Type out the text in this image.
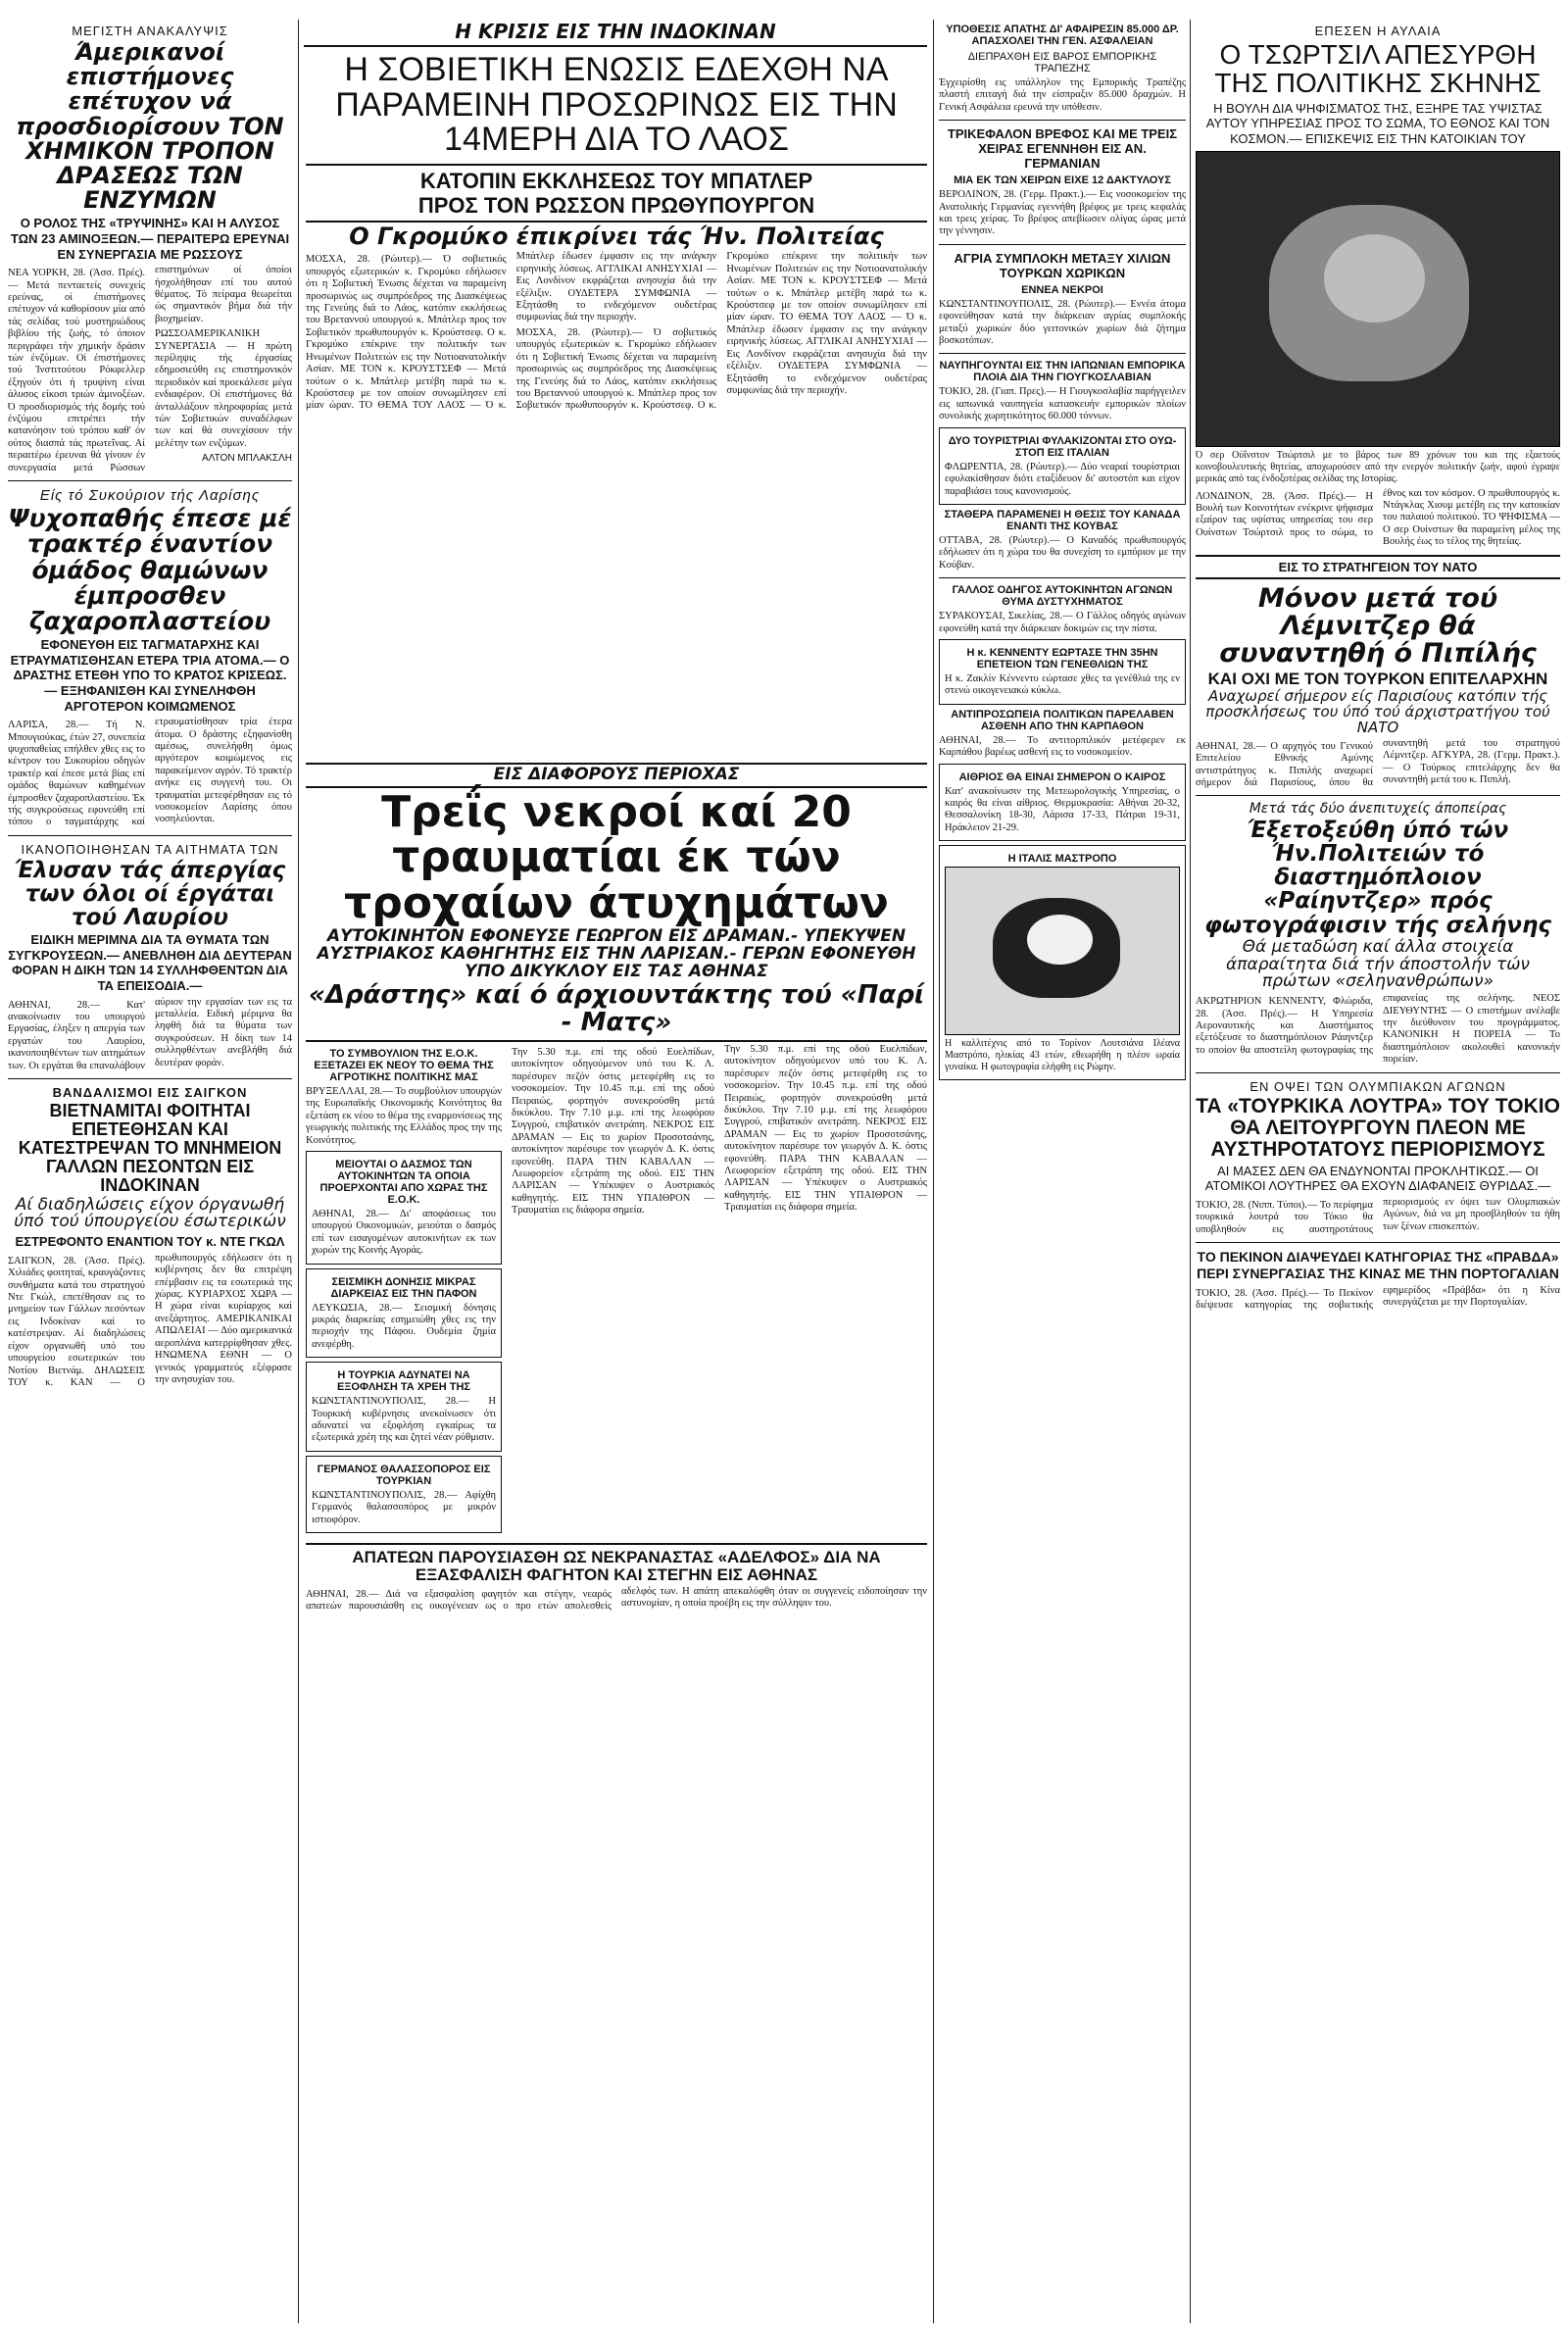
ΜΕΓΙΣΤΗ ΑΝΑΚΑΛΥΨΙΣ
Άμερικανοί επιστήμονες επέτυχον νά προσδιορίσουν ΤΟΝ ΧΗΜΙΚΟΝ ΤΡΟΠΟΝ ΔΡΑΣΕΩΣ ΤΩΝ ΕΝΖΥΜΩΝ
Ο ΡΟΛΟΣ ΤΗΣ «ΤΡΥΨΙΝΗΣ» ΚΑΙ Η ΑΛΥΣΟΣ ΤΩΝ 23 ΑΜΙΝΟΞΕΩΝ.— ΠΕΡΑΙΤΕΡΩ ΕΡΕΥΝΑΙ ΕΝ ΣΥΝΕΡΓΑΣΙΑ ΜΕ ΡΩΣΣΟΥΣ
ΝΕΑ ΥΟΡΚΗ, 28. (Άσσ. Πρές). — Μετά πενταετείς συνεχείς ερεύνας, οί έπιστήμονες επέτυχον νά καθορίσουν μία από τάς σελίδας τού μυστηριώδους βιβλίου τής ζωής, τό όποιον περιγράφει τήν χημικήν δράσιν τών ένζύμων. Οί έπιστήμονες τού Ίνστιτούτου Ρόκφελλερ έξηγούν ότι ή τρυψίνη είναι άλυσος είκοσι τριών άμινοξέων. Ό προσδιορισμός τής δομής τού ένζύμου επιτρέπει τήν κατανόησιν τού τρόπου καθ' όν ούτος διασπά τάς πρωτεΐνας. Αί περαιτέρω έρευναι θά γίνουν έν συνεργασία μετά Ρώσσων επιστημόνων οί όποίοι ήσχολήθησαν επί του αυτού θέματος. Τό πείραμα θεωρείται ώς σημαντικόν βήμα διά τήν βιοχημείαν.
ΡΩΣΣΟΑΜΕΡΙΚΑΝΙΚΗ ΣΥΝΕΡΓΑΣΙΑ — Η πρώτη περίληψις τής έργασίας εδημοσιεύθη εις επιστημονικόν περιοδικόν καί προεκάλεσε μέγα ενδιαφέρον. Οί επιστήμονες θά άνταλλάξουν πληροφορίας μετά τών Σοβιετικών συναδέλφων των καί θά συνεχίσουν τήν μελέτην των ενζύμων.
ΑΛΤΟΝ ΜΠΛΑΚΣΛΗ
Είς τό Συκούριον τής Λαρίσης
Ψυχοπαθής έπεσε μέ τρακτέρ έναντίον όμάδος θαμώνων έμπροσθεν ζαχαροπλαστείου
ΕΦΟΝΕΥΘΗ ΕΙΣ ΤΑΓΜΑΤΑΡΧΗΣ ΚΑΙ ΕΤΡΑΥΜΑΤΙΣΘΗΣΑΝ ΕΤΕΡΑ ΤΡΙΑ ΑΤΟΜΑ.— Ο ΔΡΑΣΤΗΣ ΕΤΕΘΗ ΥΠΟ ΤΟ ΚΡΑΤΟΣ ΚΡΙΣΕΩΣ.— ΕΞΗΦΑΝΙΣΘΗ ΚΑΙ ΣΥΝΕΛΗΦΘΗ ΑΡΓΟΤΕΡΟΝ ΚΟΙΜΩΜΕΝΟΣ
ΛΑΡΙΣΑ, 28.— Τή Ν. Μπουγιούκας, έτών 27, συνεπεία ψυχοπαθείας επήλθεν χθες εις το κέντρον του Συκουρίου οδηγών τρακτέρ καί έπεσε μετά βίας επί ομάδος θαμώνων καθημένων έμπροσθεν ζαχαροπλαστείου. Έκ τής συγκρούσεως εφονεύθη επί τόπου ο ταγματάρχης καί ετραυματίσθησαν τρία έτερα άτομα. Ο δράστης εξηφανίσθη αμέσως, συνελήφθη όμως αργότερον κοιμώμενος εις παρακείμενον αγρόν. Τό τρακτέρ ανήκε εις συγγενή του. Οι τραυματίαι μετεφέρθησαν εις τό νοσοκομείον Λαρίσης όπου νοσηλεύονται.
ΙΚΑΝΟΠΟΙΗΘΗΣΑΝ ΤΑ ΑΙΤΗΜΑΤΑ ΤΩΝ
Έλυσαν τάς άπεργίας των όλοι οί έργάται τού Λαυρίου
ΕΙΔΙΚΗ ΜΕΡΙΜΝΑ ΔΙΑ ΤΑ ΘΥΜΑΤΑ ΤΩΝ ΣΥΓΚΡΟΥΣΕΩΝ.— ΑΝΕΒΛΗΘΗ ΔΙΑ ΔΕΥΤΕΡΑΝ ΦΟΡΑΝ Η ΔΙΚΗ ΤΩΝ 14 ΣΥΛΛΗΦΘΕΝΤΩΝ ΔΙΑ ΤΑ ΕΠΕΙΣΟΔΙΑ.—
ΑΘΗΝΑΙ, 28.— Κατ' ανακοίνωσιν του υπουργού Εργασίας, έληξεν η απεργία των εργατών του Λαυρίου, ικανοποιηθέντων των αιτημάτων των. Οι εργάται θα επαναλάβουν αύριον την εργασίαν των εις τα μεταλλεία. Ειδική μέριμνα θα ληφθή διά τα θύματα των συγκρούσεων. Η δίκη των 14 συλληφθέντων ανεβλήθη διά δευτέραν φοράν.
ΒΑΝΔΑΛΙΣΜΟΙ ΕΙΣ ΣΑΙΓΚΟΝ
ΒΙΕΤΝΑΜΙΤΑΙ ΦΟΙΤΗΤΑΙ ΕΠΕΤΕΘΗΣΑΝ ΚΑΙ ΚΑΤΕΣΤΡΕΨΑΝ ΤΟ ΜΝΗΜΕΙΟΝ ΓΑΛΛΩΝ ΠΕΣΟΝΤΩΝ ΕΙΣ ΙΝΔΟΚΙΝΑΝ
Αί διαδηλώσεις είχον όργανωθή ύπό τού ύπουργείου έσωτερικών
ΕΣΤΡΕΦΟΝΤΟ ΕΝΑΝΤΙΟΝ ΤΟΥ κ. ΝΤΕ ΓΚΩΛ
ΣΑΙΓΚΟΝ, 28. (Άσσ. Πρές). Χιλιάδες φοιτηταί, κραυγάζοντες συνθήματα κατά του στρατηγού Ντε Γκώλ, επετέθησαν εις το μνημείον των Γάλλων πεσόντων εις Ινδοκίναν καί το κατέστρεψαν. Αί διαδηλώσεις είχον οργανωθή υπό του υπουργείου εσωτερικών του Νοτίου Βιετνάμ. ΔΗΛΩΣΕΙΣ ΤΟΥ κ. ΚΑΝ — Ο πρωθυπουργός εδήλωσεν ότι η κυβέρνησις δεν θα επιτρέψη επέμβασιν εις τα εσωτερικά της χώρας. ΚΥΡΙΑΡΧΟΣ ΧΩΡΑ — Η χώρα είναι κυρίαρχος καί ανεξάρτητος. ΑΜΕΡΙΚΑΝΙΚΑΙ ΑΠΩΛΕΙΑΙ — Δύο αμερικανικά αεροπλάνα κατερρίφθησαν χθες. ΗΝΩΜΕΝΑ ΕΘΝΗ — Ο γενικός γραμματεύς εξέφρασε την ανησυχίαν του.
Η ΚΡΙΣΙΣ ΕΙΣ ΤΗΝ ΙΝΔΟΚΙΝΑΝ
Η ΣΟΒΙΕΤΙΚΗ ΕΝΩΣΙΣ ΕΔΕΧΘΗ ΝΑ ΠΑΡΑΜΕΙΝΗ ΠΡΟΣΩΡΙΝΩΣ ΕΙΣ ΤΗΝ 14ΜΕΡΗ ΔΙΑ ΤΟ ΛΑΟΣ
ΚΑΤΟΠΙΝ ΕΚΚΛΗΣΕΩΣ ΤΟΥ ΜΠΑΤΛΕΡ
ΠΡΟΣ ΤΟΝ ΡΩΣΣΟΝ ΠΡΩΘΥΠΟΥΡΓΟΝ
Ο Γκρομύκο έπικρίνει τάς Ήν. Πολιτείας
ΜΟΣΧΑ, 28. (Ρώυτερ).— Ό σοβιετικός υπουργός εξωτερικών κ. Γκρομύκο εδήλωσεν ότι η Σοβιετική Ένωσις δέχεται να παραμείνη προσωρινώς ως συμπρόεδρος της Διασκέψεως της Γενεύης διά το Λάος, κατόπιν εκκλήσεως του Βρεταννού υπουργού κ. Μπάτλερ προς τον Σοβιετικόν πρωθυπουργόν κ. Κρούστσεφ. Ο κ. Γκρομύκο επέκρινε την πολιτικήν των Ηνωμένων Πολιτειών εις την Νοτιοανατολικήν Ασίαν. ΜΕ ΤΟΝ κ. ΚΡΟΥΣΤΣΕΦ — Μετά τούτων ο κ. Μπάτλερ μετέβη παρά τω κ. Κρούστσεφ με τον οποίον συνωμίλησεν επί μίαν ώραν. ΤΟ ΘΕΜΑ ΤΟΥ ΛΑΟΣ — Ό κ. Μπάτλερ έδωσεν έμφασιν εις την ανάγκην ειρηνικής λύσεως. ΑΓΓΛΙΚΑΙ ΑΝΗΣΥΧΙΑΙ — Εις Λονδίνον εκφράζεται ανησυχία διά την εξέλιξιν. ΟΥΔΕΤΕΡΑ ΣΥΜΦΩΝΙΑ — Εξητάσθη το ενδεχόμενον ουδετέρας συμφωνίας διά την περιοχήν.
ΜΟΣΧΑ, 28. (Ρώυτερ).— Ό σοβιετικός υπουργός εξωτερικών κ. Γκρομύκο εδήλωσεν ότι η Σοβιετική Ένωσις δέχεται να παραμείνη προσωρινώς ως συμπρόεδρος της Διασκέψεως της Γενεύης διά το Λάος, κατόπιν εκκλήσεως του Βρεταννού υπουργού κ. Μπάτλερ προς τον Σοβιετικόν πρωθυπουργόν κ. Κρούστσεφ. Ο κ. Γκρομύκο επέκρινε την πολιτικήν των Ηνωμένων Πολιτειών εις την Νοτιοανατολικήν Ασίαν. ΜΕ ΤΟΝ κ. ΚΡΟΥΣΤΣΕΦ — Μετά τούτων ο κ. Μπάτλερ μετέβη παρά τω κ. Κρούστσεφ με τον οποίον συνωμίλησεν επί μίαν ώραν. ΤΟ ΘΕΜΑ ΤΟΥ ΛΑΟΣ — Ό κ. Μπάτλερ έδωσεν έμφασιν εις την ανάγκην ειρηνικής λύσεως. ΑΓΓΛΙΚΑΙ ΑΝΗΣΥΧΙΑΙ — Εις Λονδίνον εκφράζεται ανησυχία διά την εξέλιξιν. ΟΥΔΕΤΕΡΑ ΣΥΜΦΩΝΙΑ — Εξητάσθη το ενδεχόμενον ουδετέρας συμφωνίας διά την περιοχήν.
ΕΙΣ ΔΙΑΦΟΡΟΥΣ ΠΕΡΙΟΧΑΣ
Τρεΐς νεκροί καί 20 τραυματίαι έκ τών τροχαίων άτυχημάτων
ΑΥΤΟΚΙΝΗΤΟΝ ΕΦΟΝΕΥΣΕ ΓΕΩΡΓΟΝ ΕΙΣ ΔΡΑΜΑΝ.- ΥΠΕΚΥΨΕΝ ΑΥΣΤΡΙΑΚΟΣ ΚΑΘΗΓΗΤΗΣ ΕΙΣ ΤΗΝ ΛΑΡΙΣΑΝ.- ΓΕΡΩΝ ΕΦΟΝΕΥΘΗ ΥΠΟ ΔΙΚΥΚΛΟΥ ΕΙΣ ΤΑΣ ΑΘΗΝΑΣ
«Δράστης» καί ό άρχιουντάκτης τού «Παρί - Ματς»
ΤΟ ΣΥΜΒΟΥΛΙΟΝ ΤΗΣ Ε.Ο.Κ. ΕΞΕΤΑΖΕΙ ΕΚ ΝΕΟΥ ΤΟ ΘΕΜΑ ΤΗΣ ΑΓΡΟΤΙΚΗΣ ΠΟΛΙΤΙΚΗΣ ΜΑΣ
ΒΡΥΞΕΛΛΑΙ, 28.— Το συμβούλιον υπουργών της Ευρωπαϊκής Οικονομικής Κοινότητος θα εξετάση εκ νέου το θέμα της εναρμονίσεως της γεωργικής πολιτικής της Ελλάδος προς την της Κοινότητος.
ΜΕΙΟΥΤΑΙ Ο ΔΑΣΜΟΣ ΤΩΝ ΑΥΤΟΚΙΝΗΤΩΝ ΤΑ ΟΠΟΙΑ ΠΡΟΕΡΧΟΝΤΑΙ ΑΠΟ ΧΩΡΑΣ ΤΗΣ Ε.Ο.Κ.
ΑΘΗΝΑΙ, 28.— Δι' αποφάσεως του υπουργού Οικονομικών, μειούται ο δασμός επί των εισαγομένων αυτοκινήτων εκ των χωρών της Κοινής Αγοράς.
ΣΕΙΣΜΙΚΗ ΔΟΝΗΣΙΣ ΜΙΚΡΑΣ ΔΙΑΡΚΕΙΑΣ ΕΙΣ ΤΗΝ ΠΑΦΟΝ
ΛΕΥΚΩΣΙΑ, 28.— Σεισμική δόνησις μικράς διαρκείας εσημειώθη χθες εις την περιοχήν της Πάφου. Ουδεμία ζημία ανεφέρθη.
Η ΤΟΥΡΚΙΑ ΑΔΥΝΑΤΕΙ ΝΑ ΕΞΟΦΛΗΣΗ ΤΑ ΧΡΕΗ ΤΗΣ
ΚΩΝΣΤΑΝΤΙΝΟΥΠΟΛΙΣ, 28.— Η Τουρκική κυβέρνησις ανεκοίνωσεν ότι αδυνατεί να εξοφλήση εγκαίρως τα εξωτερικά χρέη της και ζητεί νέαν ρύθμισιν.
ΓΕΡΜΑΝΟΣ ΘΑΛΑΣΣΟΠΟΡΟΣ ΕΙΣ ΤΟΥΡΚΙΑΝ
ΚΩΝΣΤΑΝΤΙΝΟΥΠΟΛΙΣ, 28.— Αφίχθη Γερμανός θαλασσοπόρος με μικρόν ιστιοφόρον.
Την 5.30 π.μ. επί της οδού Ευελπίδων, αυτοκίνητον οδηγούμενον υπό του Κ. Λ. παρέσυρεν πεζόν όστις μετεφέρθη εις το νοσοκομείον. Την 10.45 π.μ. επί της οδού Πειραιώς, φορτηγόν συνεκρούσθη μετά δικύκλου. Την 7.10 μ.μ. επί της λεωφόρου Συγγρού, επιβατικόν ανετράπη. ΝΕΚΡΟΣ ΕΙΣ ΔΡΑΜΑΝ — Εις το χωρίον Προσοτσάνης, αυτοκίνητον παρέσυρε τον γεωργόν Δ. Κ. όστις εφονεύθη. ΠΑΡΑ ΤΗΝ ΚΑΒΑΛΑΝ — Λεωφορείον εξετράπη της οδού. ΕΙΣ ΤΗΝ ΛΑΡΙΣΑΝ — Υπέκυψεν ο Αυστριακός καθηγητής. ΕΙΣ ΤΗΝ ΥΠΑΙΘΡΟΝ — Τραυματίαι εις διάφορα σημεία.
Την 5.30 π.μ. επί της οδού Ευελπίδων, αυτοκίνητον οδηγούμενον υπό του Κ. Λ. παρέσυρεν πεζόν όστις μετεφέρθη εις το νοσοκομείον. Την 10.45 π.μ. επί της οδού Πειραιώς, φορτηγόν συνεκρούσθη μετά δικύκλου. Την 7.10 μ.μ. επί της λεωφόρου Συγγρού, επιβατικόν ανετράπη. ΝΕΚΡΟΣ ΕΙΣ ΔΡΑΜΑΝ — Εις το χωρίον Προσοτσάνης, αυτοκίνητον παρέσυρε τον γεωργόν Δ. Κ. όστις εφονεύθη. ΠΑΡΑ ΤΗΝ ΚΑΒΑΛΑΝ — Λεωφορείον εξετράπη της οδού. ΕΙΣ ΤΗΝ ΛΑΡΙΣΑΝ — Υπέκυψεν ο Αυστριακός καθηγητής. ΕΙΣ ΤΗΝ ΥΠΑΙΘΡΟΝ — Τραυματίαι εις διάφορα σημεία.
ΑΠΑΤΕΩΝ ΠΑΡΟΥΣΙΑΣΘΗ ΩΣ ΝΕΚΡΑΝΑΣΤΑΣ «ΑΔΕΛΦΟΣ» ΔΙΑ ΝΑ ΕΞΑΣΦΑΛΙΣΗ ΦΑΓΗΤΟΝ ΚΑΙ ΣΤΕΓΗΝ ΕΙΣ ΑΘΗΝΑΣ
ΑΘΗΝΑΙ, 28.— Διά να εξασφαλίση φαγητόν και στέγην, νεαρός απατεών παρουσιάσθη εις οικογένειαν ως ο προ ετών απολεσθείς αδελφός των. Η απάτη απεκαλύφθη όταν οι συγγενείς ειδοποίησαν την αστυνομίαν, η οποία προέβη εις την σύλληψιν του.
ΥΠΟΘΕΣΙΣ ΑΠΑΤΗΣ ΔΙ' ΑΦΑΙΡΕΣΙΝ 85.000 ΔΡ. ΑΠΑΣΧΟΛΕΙ ΤΗΝ ΓΕΝ. ΑΣΦΑΛΕΙΑΝ
ΔΙΕΠΡΑΧΘΗ ΕΙΣ ΒΑΡΟΣ ΕΜΠΟΡΙΚΗΣ ΤΡΑΠΕΖΗΣ
Έγχειρίσθη εις υπάλληλον της Εμπορικής Τραπέζης πλαστή επιταγή διά την είσπραξιν 85.000 δραχμών. Η Γενική Ασφάλεια ερευνά την υπόθεσιν.
ΤΡΙΚΕΦΑΛΟΝ ΒΡΕΦΟΣ ΚΑΙ ΜΕ ΤΡΕΙΣ ΧΕΙΡΑΣ ΕΓΕΝΝΗΘΗ ΕΙΣ ΑΝ. ΓΕΡΜΑΝΙΑΝ
ΜΙΑ ΕΚ ΤΩΝ ΧΕΙΡΩΝ ΕΙΧΕ 12 ΔΑΚΤΥΛΟΥΣ
ΒΕΡΟΛΙΝΟΝ, 28. (Γερμ. Πρακτ.).— Εις νοσοκομείον της Ανατολικής Γερμανίας εγεννήθη βρέφος με τρεις κεφαλάς και τρεις χείρας. Το βρέφος απεβίωσεν ολίγας ώρας μετά την γέννησιν.
ΑΓΡΙΑ ΣΥΜΠΛΟΚΗ ΜΕΤΑΞΥ ΧΙΛΙΩΝ ΤΟΥΡΚΩΝ ΧΩΡΙΚΩΝ
ΕΝΝΕΑ ΝΕΚΡΟΙ
ΚΩΝΣΤΑΝΤΙΝΟΥΠΟΛΙΣ, 28. (Ρώυτερ).— Εννέα άτομα εφονεύθησαν κατά την διάρκειαν αγρίας συμπλοκής μεταξύ χωρικών δύο γειτονικών χωρίων διά ζήτημα βοσκοτόπων.
ΝΑΥΠΗΓΟΥΝΤΑΙ ΕΙΣ ΤΗΝ ΙΑΠΩΝΙΑΝ ΕΜΠΟΡΙΚΑ ΠΛΟΙΑ ΔΙΑ ΤΗΝ ΓΙΟΥΓΚΟΣΛΑΒΙΑΝ
ΤΟΚΙΟ, 28. (Γιαπ. Πρες).— Η Γιουγκοσλαβία παρήγγειλεν εις ιαπωνικά ναυπηγεία κατασκευήν εμπορικών πλοίων συνολικής χωρητικότητος 60.000 τόννων.
ΔΥΟ ΤΟΥΡΙΣΤΡΙΑΙ ΦΥΛΑΚΙΖΟΝΤΑΙ ΣΤΟ ΟΥΩ-ΣΤΟΠ ΕΙΣ ΙΤΑΛΙΑΝ
ΦΛΩΡΕΝΤΙΑ, 28. (Ρώυτερ).— Δύο νεαραί τουρίστριαι εφυλακίσθησαν διότι εταξίδευον δι' αυτοστόπ και είχον παραβιάσει τους κανονισμούς.
ΣΤΑΘΕΡΑ ΠΑΡΑΜΕΝΕΙ Η ΘΕΣΙΣ ΤΟΥ ΚΑΝΑΔΑ ΕΝΑΝΤΙ ΤΗΣ ΚΟΥΒΑΣ
ΟΤΤΑΒΑ, 28. (Ρώυτερ).— Ο Καναδός πρωθυπουργός εδήλωσεν ότι η χώρα του θα συνεχίση το εμπόριον με την Κούβαν.
ΓΑΛΛΟΣ ΟΔΗΓΟΣ ΑΥΤΟΚΙΝΗΤΩΝ ΑΓΩΝΩΝ ΘΥΜΑ ΔΥΣΤΥΧΗΜΑΤΟΣ
ΣΥΡΑΚΟΥΣΑΙ, Σικελίας, 28.— Ο Γάλλος οδηγός αγώνων εφονεύθη κατά την διάρκειαν δοκιμών εις την πίστα.
Η κ. ΚΕΝΝΕΝΤΥ ΕΩΡΤΑΣΕ ΤΗΝ 35ΗΝ ΕΠΕΤΕΙΟΝ ΤΩΝ ΓΕΝΕΘΛΙΩΝ ΤΗΣ
Η κ. Ζακλίν Κέννεντυ εώρτασε χθες τα γενέθλιά της εν στενώ οικογενειακώ κύκλω.
ΑΝΤΙΠΡΟΣΩΠΕΙΑ ΠΟΛΙΤΙΚΩΝ ΠΑΡΕΛΑΒΕΝ ΑΣΘΕΝΗ ΑΠΟ ΤΗΝ ΚΑΡΠΑΘΟΝ
ΑΘΗΝΑΙ, 28.— Το αντιτορπιλικόν μετέφερεν εκ Καρπάθου βαρέως ασθενή εις το νοσοκομείον.
ΑΙΘΡΙΟΣ ΘΑ ΕΙΝΑΙ ΣΗΜΕΡΟΝ Ο ΚΑΙΡΟΣ
Κατ' ανακοίνωσιν της Μετεωρολογικής Υπηρεσίας, ο καιρός θα είναι αίθριος. Θερμοκρασία: Αθήναι 20-32, Θεσσαλονίκη 18-30, Λάρισα 17-33, Πάτραι 19-31, Ηράκλειον 21-29.
Η ΙΤΑΛΙΣ ΜΑΣΤΡΟΠΟ
Η καλλιτέχνις από το Τορίνον Λουτσιάνα Ιλέανα Μαστρόπο, ηλικίας 43 ετών, εθεωρήθη η πλέον ωραία γυναίκα. Η φωτογραφία ελήφθη εις Ρώμην.
ΕΠΕΣΕΝ Η ΑΥΛΑΙΑ
Ο ΤΣΩΡΤΣΙΛ ΑΠΕΣΥΡΘΗ ΤΗΣ ΠΟΛΙΤΙΚΗΣ ΣΚΗΝΗΣ
Η ΒΟΥΛΗ ΔΙΑ ΨΗΦΙΣΜΑΤΟΣ ΤΗΣ, ΕΞΗΡΕ ΤΑΣ ΥΨΙΣΤΑΣ ΑΥΤΟΥ ΥΠΗΡΕΣΙΑΣ ΠΡΟΣ ΤΟ ΣΩΜΑ, ΤΟ ΕΘΝΟΣ ΚΑΙ ΤΟΝ ΚΟΣΜΟΝ.— ΕΠΙΣΚΕΨΙΣ ΕΙΣ ΤΗΝ ΚΑΤΟΙΚΙΑΝ ΤΟΥ
Ό σερ Ούΐνστον Τσώρτσιλ με το βάρος των 89 χρόνων του και της εξαετούς κοινοβουλευτικής θητείας, αποχωρούσεν από την ενεργόν πολιτικήν ζωήν, αφού έγραψε μερικάς από τας ένδοξοτέρας σελίδας της Ιστορίας.
ΛΟΝΔΙΝΟΝ, 28. (Άσσ. Πρές).— Η Βουλή των Κοινοτήτων ενέκρινε ψήφισμα εξαίρον τας υψίστας υπηρεσίας του σερ Ουίνστων Τσώρτσιλ προς το σώμα, το έθνος και τον κόσμον. Ο πρωθυπουργός κ. Ντάγκλας Χιουμ μετέβη εις την κατοικίαν του παλαιού πολιτικού. ΤΟ ΨΗΦΙΣΜΑ — Ο σερ Ουίνστων θα παραμείνη μέλος της Βουλής έως το τέλος της θητείας.
ΕΙΣ ΤΟ ΣΤΡΑΤΗΓΕΙΟΝ ΤΟΥ ΝΑΤΟ
Μόνον μετά τού Λέμνιτζερ θά συναντηθή ό Πιπίλής
ΚΑΙ ΟΧΙ ΜΕ ΤΟΝ ΤΟΥΡΚΟΝ ΕΠΙΤΕΛΑΡΧΗΝ
Αναχωρεί σήμερον είς Παρισίους κατόπιν τής προσκλήσεως του ύπό τού άρχιστρατήγου τού ΝΑΤΟ
ΑΘΗΝΑΙ, 28.— Ο αρχηγός του Γενικού Επιτελείου Εθνικής Αμύνης αντιστράτηγος κ. Πιπιλής αναχωρεί σήμερον διά Παρισίους, όπου θα συναντηθή μετά του στρατηγού Λέμνιτζερ. ΑΓΚΥΡΑ, 28. (Γερμ. Πρακτ.).— Ο Τούρκος επιτελάρχης δεν θα συναντηθή μετά του κ. Πιπιλή.
Μετά τάς δύο άνεπιτυχείς άποπείρας
Έξετοξεύθη ύπό τών Ήν.Πολιτειών τό διαστημόπλοιον «Ραίηντζερ» πρός φωτογράφισιν τής σελήνης
Θά μεταδώση καί άλλα στοιχεία άπαραίτητα διά τήν άποστολήν τών πρώτων «σεληνανθρώπων»
ΑΚΡΩΤΗΡΙΟΝ ΚΕΝΝΕΝΤΥ, Φλώριδα, 28. (Άσσ. Πρές).— Η Υπηρεσία Αεροναυτικής και Διαστήματος εξετόξευσε το διαστημόπλοιον Ράιηντζερ το οποίον θα αποστείλη φωτογραφίας της επιφανείας της σελήνης. ΝΕΟΣ ΔΙΕΥΘΥΝΤΗΣ — Ο επιστήμων ανέλαβε την διεύθυνσιν του προγράμματος. ΚΑΝΟΝΙΚΗ Η ΠΟΡΕΙΑ — Το διαστημόπλοιον ακολουθεί κανονικήν πορείαν.
ΕΝ ΟΨΕΙ ΤΩΝ ΟΛΥΜΠΙΑΚΩΝ ΑΓΩΝΩΝ
ΤΑ «ΤΟΥΡΚΙΚΑ ΛΟΥΤΡΑ» ΤΟΥ ΤΟΚΙΟ ΘΑ ΛΕΙΤΟΥΡΓΟΥΝ ΠΛΕΟΝ ΜΕ ΑΥΣΤΗΡΟΤΑΤΟΥΣ ΠΕΡΙΟΡΙΣΜΟΥΣ
ΑΙ ΜΑΣΕΣ ΔΕΝ ΘΑ ΕΝΔΥΝΟΝΤΑΙ ΠΡΟΚΛΗΤΙΚΩΣ.— ΟΙ ΑΤΟΜΙΚΟΙ ΛΟΥΤΗΡΕΣ ΘΑ ΕΧΟΥΝ ΔΙΑΦΑΝΕΙΣ ΘΥΡΙΔΑΣ.—
ΤΟΚΙΟ, 28. (Νιππ. Τύποι).— Το περίφημα τουρκικά λουτρά του Τόκιο θα υποβληθούν εις αυστηροτάτους περιορισμούς εν όψει των Ολυμπιακών Αγώνων, διά να μη προσβληθούν τα ήθη των ξένων επισκεπτών.
ΤΟ ΠΕΚΙΝΟΝ ΔΙΑΨΕΥΔΕΙ ΚΑΤΗΓΟΡΙΑΣ ΤΗΣ «ΠΡΑΒΔΑ» ΠΕΡΙ ΣΥΝΕΡΓΑΣΙΑΣ ΤΗΣ ΚΙΝΑΣ ΜΕ ΤΗΝ ΠΟΡΤΟΓΑΛΙΑΝ
ΤΟΚΙΟ, 28. (Άσσ. Πρές).— Το Πεκίνον διέψευσε κατηγορίας της σοβιετικής εφημερίδος «Πράβδα» ότι η Κίνα συνεργάζεται με την Πορτογαλίαν.
